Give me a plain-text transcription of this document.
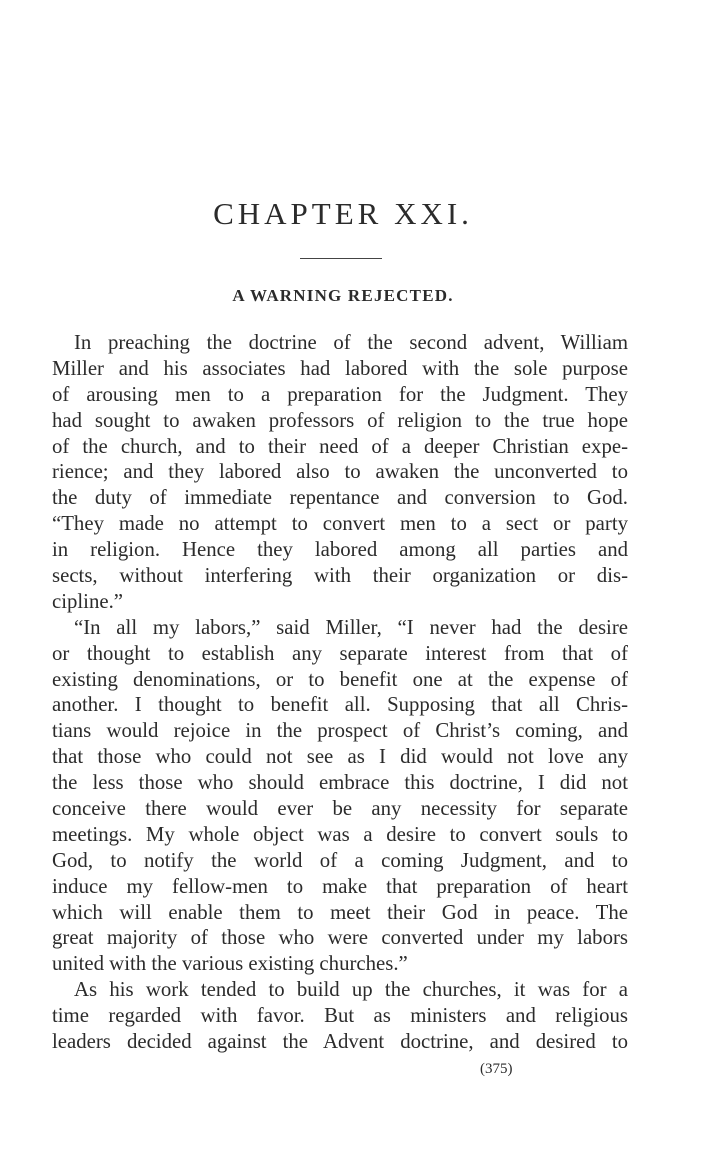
CHAPTER XXI.
A WARNING REJECTED.
In preaching the doctrine of the second advent, William
Miller and his associates had labored with the sole purpose
of arousing men to a preparation for the Judgment. They
had sought to awaken professors of religion to the true hope
of the church, and to their need of a deeper Christian expe-
rience; and they labored also to awaken the unconverted to
the duty of immediate repentance and conversion to God.
“They made no attempt to convert men to a sect or party
in religion. Hence they labored among all parties and
sects, without interfering with their organization or dis-
cipline.”
“In all my labors,” said Miller, “I never had the desire
or thought to establish any separate interest from that of
existing denominations, or to benefit one at the expense of
another. I thought to benefit all. Supposing that all Chris-
tians would rejoice in the prospect of Christ’s coming, and
that those who could not see as I did would not love any
the less those who should embrace this doctrine, I did not
conceive there would ever be any necessity for separate
meetings. My whole object was a desire to convert souls to
God, to notify the world of a coming Judgment, and to
induce my fellow-men to make that preparation of heart
which will enable them to meet their God in peace. The
great majority of those who were converted under my labors
united with the various existing churches.”
As his work tended to build up the churches, it was for a
time regarded with favor. But as ministers and religious
leaders decided against the Advent doctrine, and desired to
(375)
